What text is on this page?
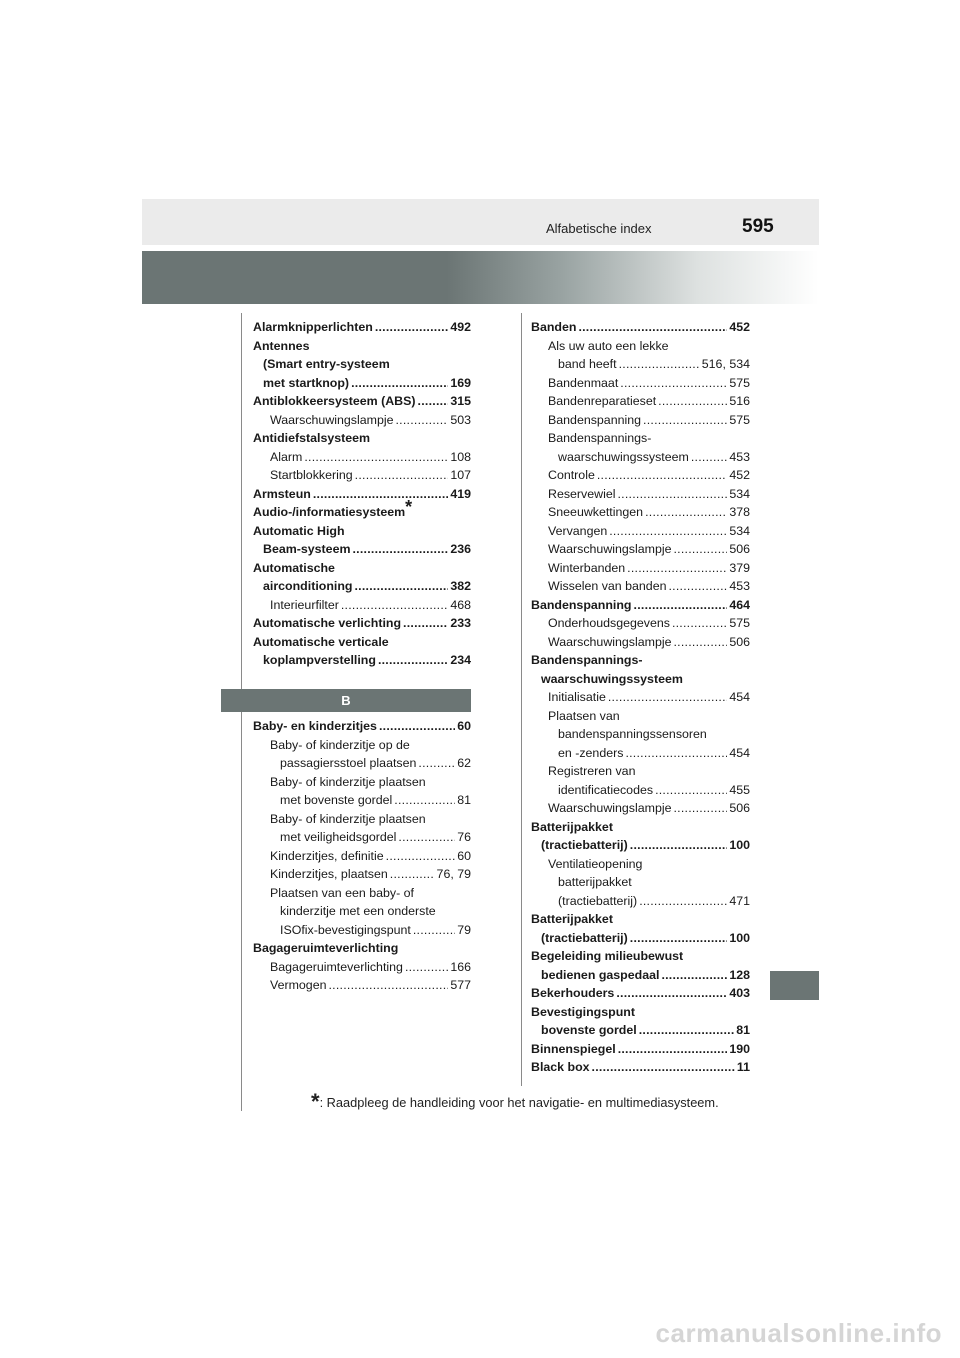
Alfabetische index	595
Alarmknipperlichten . . .	492
Antennes
(Smart entry-systeem
met startknop) . . .	169
Antiblokkeersysteem (ABS) . . .	315
Waarschuwingslampje . . .	503
Antidiefstalsysteem
Alarm . . .	108
Startblokkering . . .	107
Armsteun . . .	419
Audio-/informatiesysteem*
Automatic High
Beam-systeem . . .	236
Automatische
airconditioning . . .	382
Interieurfilter . . .	468
Automatische verlichting . . .	233
Automatische verticale
koplampverstelling . . .	234
B
Baby- en kinderzitjes . . .	60
Baby- of kinderzitje op de
passagiersstoel plaatsen . . .	62
Baby- of kinderzitje plaatsen
met bovenste gordel . . .	81
Baby- of kinderzitje plaatsen
met veiligheidsgordel . . .	76
Kinderzitjes, definitie . . .	60
Kinderzitjes, plaatsen . . .	76, 79
Plaatsen van een baby- of
kinderzitje met een onderste
ISOfix-bevestigingspunt . . .	79
Bagageruimteverlichting
Bagageruimteverlichting . . .	166
Vermogen . . .	577
Banden . . .	452
Als uw auto een lekke
band heeft . . .	516, 534
Bandenmaat . . .	575
Bandenreparatieset . . .	516
Bandenspanning . . .	575
Bandenspannings-
waarschuwingssysteem . . .	453
Controle . . .	452
Reservewiel . . .	534
Sneeuwkettingen . . .	378
Vervangen . . .	534
Waarschuwingslampje . . .	506
Winterbanden . . .	379
Wisselen van banden . . .	453
Bandenspanning . . .	464
Onderhoudsgegevens . . .	575
Waarschuwingslampje . . .	506
Bandenspannings-
waarschuwingssysteem
Initialisatie . . .	454
Plaatsen van
bandenspanningssensoren
en -zenders . . .	454
Registreren van
identificatiecodes . . .	455
Waarschuwingslampje . . .	506
Batterijpakket
(tractiebatterij) . . .	100
Ventilatieopening
batterijpakket
(tractiebatterij) . . .	471
Batterijpakket
(tractiebatterij) . . .	100
Begeleiding milieubewust
bedienen gaspedaal . . .	128
Bekerhouders . . .	403
Bevestigingspunt
bovenste gordel . . .	81
Binnenspiegel . . .	190
Black box . . .	11
*: Raadpleeg de handleiding voor het navigatie- en multimediasysteem.
carmanualsonline.info
